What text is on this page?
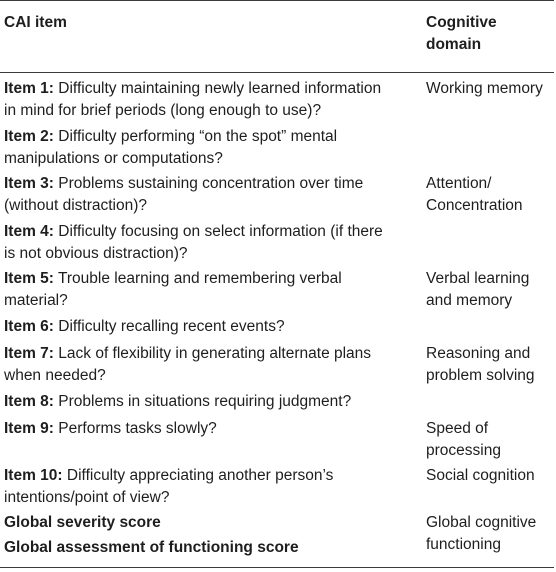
CAI item	Cognitive
domain
Item 1: Difficulty maintaining newly learned information
in mind for brief periods (long enough to use)?
Working memory
Item 2: Difficulty performing “on the spot” mental
manipulations or computations?
Item 3: Problems sustaining concentration over time
(without distraction)?
Attention/
Concentration
Item 4: Difficulty focusing on select information (if there
is not obvious distraction)?
Item 5: Trouble learning and remembering verbal
material?
Verbal learning
and memory
Item 6: Difficulty recalling recent events?
Item 7: Lack of flexibility in generating alternate plans
when needed?
Reasoning and
problem solving
Item 8: Problems in situations requiring judgment?
Item 9: Performs tasks slowly?	Speed of
processing
Item 10: Difficulty appreciating another person’s
intentions/point of view?
Social cognition
Global severity score
Global assessment of functioning score
Global cognitive
functioning
